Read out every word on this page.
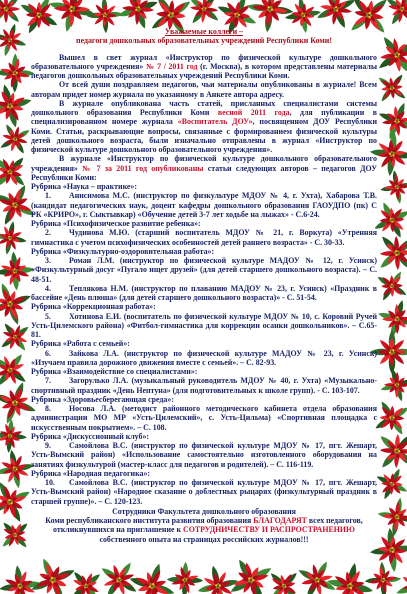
Уважаемые коллеги –
педагоги дошкольных образовательных учреждений Республики Коми!

Вышел в свет журнал «Инструктор по физической культуре дошкольного образовательного учреждения» № 7 / 2011 год (г. Москва), в котором представлены материалы педагогов дошкольных образовательных учреждений Республики Коми.

От всей души поздравляем педагогов, чьи материалы опубликованы в журнале! Всем авторам придет номер журнала по указанному в Анкете автора адресу.

В журнале опубликована часть статей, присланных специалистами системы дошкольного образования Республики Коми весной 2011 года, для публикации в специализированном номере журнала «Воспитатель ДОУ», посвященном ДОУ Республики Коми. Статьи, раскрывающие вопросы, связанные с формированием физической культуры детей дошкольного возраста, были изначально отправлены в журнал «Инструктор по физической культуре дошкольного образовательного учреждения».

В журнале «Инструктор по физической культуре дошкольного образовательного учреждения» № 7 за 2011 год опубликованы статьи следующих авторов – педагогов ДОУ Республики Коми:

Рубрика «Наука – практике»:

1. Анисимова М.С. (инструктор по физкультуре МДОУ № 4, г. Ухта), Хабарова Т.В. (кандидат педагогических наук, доцент кафедры дошкольного образования ГАОУДПО (пк) С РК «КРИРО», г. Сыктывкар) «Обучение детей 3-7 лет ходьбе на лыжах» - С.6-24.

Рубрика «Психофизическое развитие ребенка»:

2. Чудинова М.Ю. (старший воспитатель МДОУ № 21, г. Воркута) «Утренняя гимнастика с учетом психофизических особенностей детей раннего возраста» - С. 30-33.

Рубрика «Физкультурно-оздоровительная работа»:

3. Роман Л.М. (инструктор по физической культуре МАДОУ № 12, г. Усинск) «Физкультурный досуг «Пугало ищет друзей» (для детей старшего дошкольного возраста). – С. 48-51.

4. Теплякова Н.М. (инструктор по плаванию МАДОУ № 23, г. Усинск) «Праздник в бассейне «День плюша» (для детей старшего дошкольного возраста)» - С. 51-54.

Рубрика «Коррекционная работа»:

5. Хотинова Е.И. (воспитатель по физической культуре МДОУ № 10, с. Коровий Ручей Усть-Цилемского района) «Фитбол-гимнастика для коррекции осанки дошкольников». – С.65-81.

Рубрика «Работа с семьей»:

6. Зайкова Л.А. (инструктор по физической культуре МАДОУ № 23, г. Усинск) «Изучаем правила дорожного движения вместе с семьей». – С. 82-93.

Рубрика «Взаимодействие со специалистами»:

7. Загорулько Л.А. (музыкальный руководитель МДОУ № 40, г. Ухта) «Музыкально-спортивный праздник «День Нептуна» (для подготовительных к школе групп). - С. 103-107.

Рубрика «Здоровьесберегающая среда»:

8. Носова Л.А. (методист районного методического кабинета отдела образования администрации МО МР «Усть-Цилемский», с. Усть-Цильма) «Спортивная площадка с искусственным покрытием». – С. 108.

Рубрика «Дискуссионный клуб»:

9. Самойлова В.С. (инструктор по физической культуре МДОУ № 17, пгт. Жешарт, Усть-Вымский район) «Использование самостоятельно изготовленного оборудования на занятиях физкультурой (мастер-класс для педагогов и родителей). – С. 116-119.

Рубрика «Народная педагогика»:

10. Самойлова В.С. (инструктор по физической культуре МДОУ № 17, пгт. Жешарт, Усть-Вымский район) «Народное сказание о доблестных рыцарях (физкультурный праздник в старшей группе)». – С. 120-123.

Сотрудники Факультета дошкольного образования
Коми республиканского института развития образования БЛАГОДАРЯТ всех педагогов, откликнувшихся на приглашение к СОТРУДНИЧЕСТВУ И РАСПРОСТРАНЕНИЮ собственного опыта на страницах российских журналов!!!
